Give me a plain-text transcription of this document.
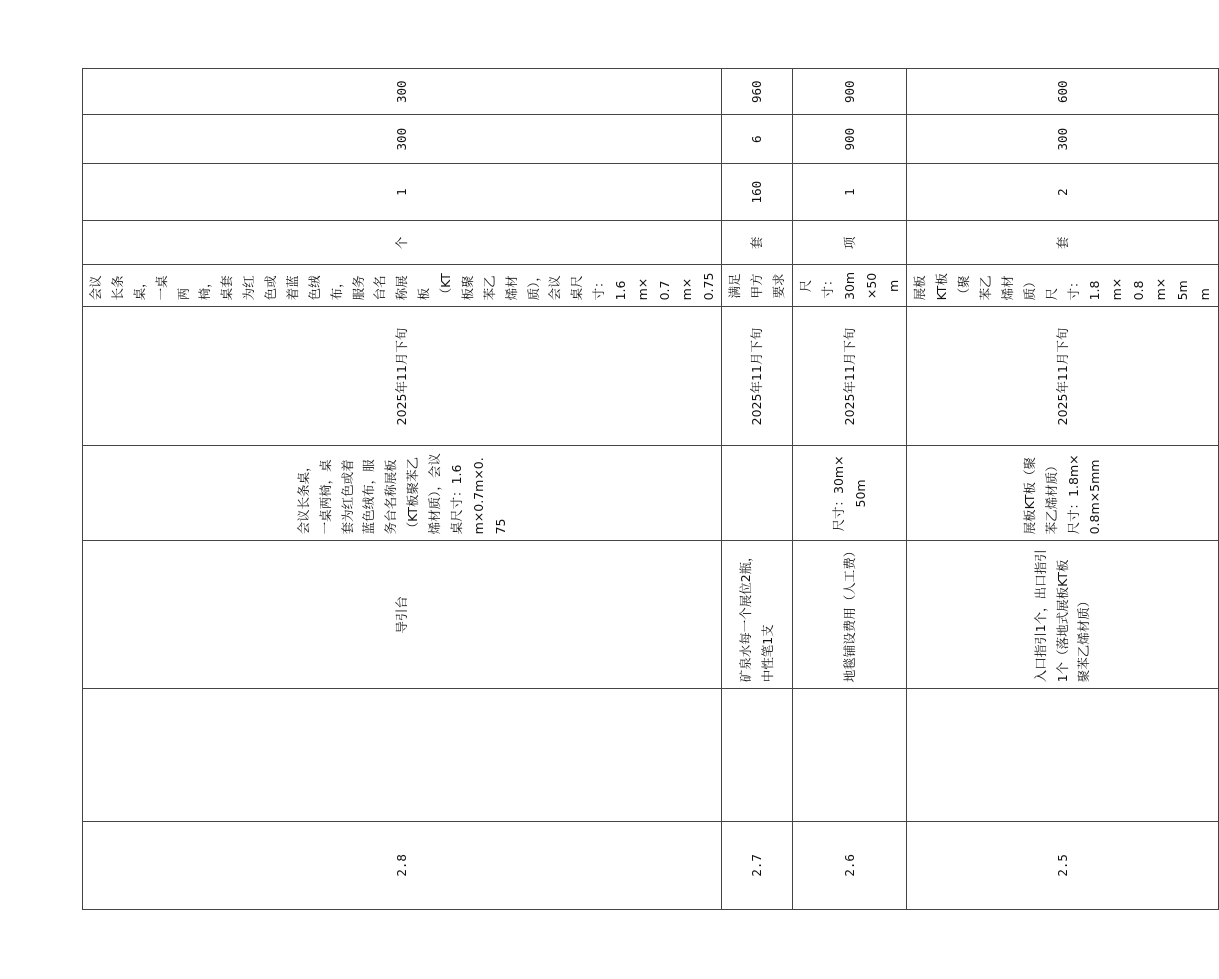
2.8		导引台	会议长条桌，一桌两椅，桌套为红色或着蓝色绒布，服务台名称展板（KT板聚苯乙烯材质），会议桌尺寸：1.6m×0.7m×0.75	2025年11月下旬	会议长条桌，一桌两椅，桌套为红色或着蓝色绒布，服务台名称展板（KT板聚苯乙烯材质），会议桌尺寸：1.6m×0.7m×0.75	个	1	300	300
2.7		矿泉水每一个展位2瓶，中性笔1支		2025年11月下旬	满足甲方要求	套	160	6	960
2.6		地毯铺设费用（人工费）	尺寸：30m×50m	2025年11月下旬	尺寸：30m×50m	项	1	900	900
2.5		入口指引1个，出口指引1个（落地式展板KT板聚苯乙烯材质）	展板KT板（聚苯乙烯材质）尺寸：1.8m×0.8m×5mm	2025年11月下旬	展板KT板（聚苯乙烯材质）尺寸：1.8m×0.8m×5mm	套	2	300	600
